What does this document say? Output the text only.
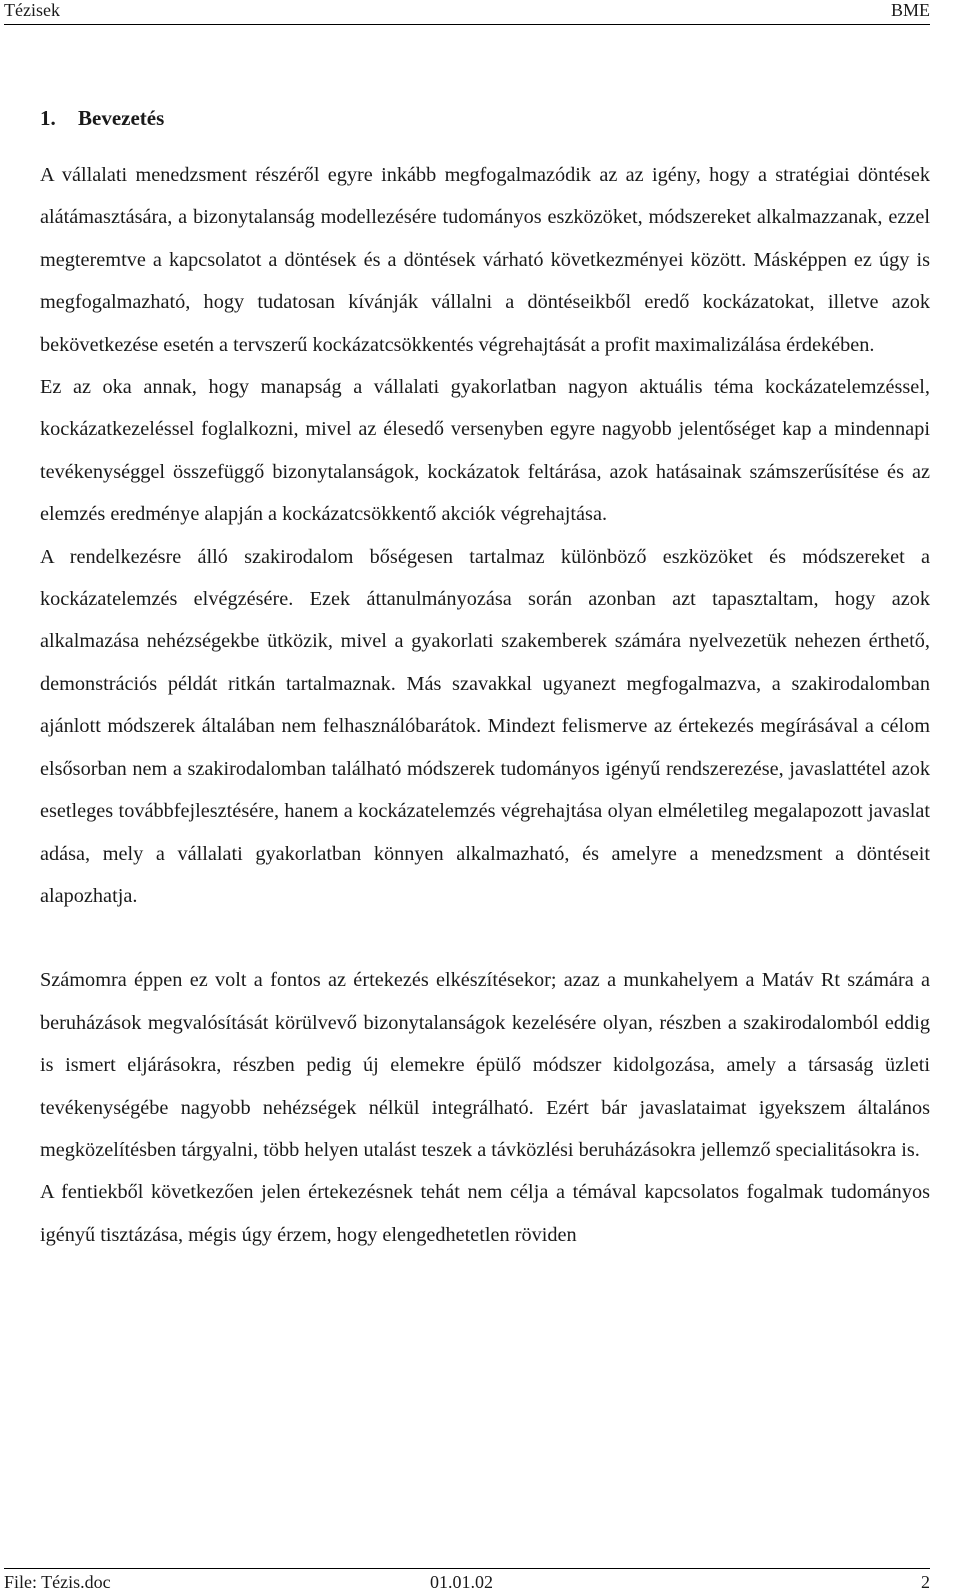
Tézisek	BME
1. Bevezetés

A vállalati menedzsment részéről egyre inkább megfogalmazódik az az igény, hogy a stratégiai döntések alátámasztására, a bizonytalanság modellezésére tudományos eszközöket, módszereket alkalmazzanak, ezzel megteremtve a kapcsolatot a döntések és a döntések várható következményei között. Másképpen ez úgy is megfogalmazható, hogy tudatosan kívánják vállalni a döntéseikből eredő kockázatokat, illetve azok bekövetkezése esetén a tervszerű kockázatcsökkentés végrehajtását a profit maximalizálása érdekében.

Ez az oka annak, hogy manapság a vállalati gyakorlatban nagyon aktuális téma kockázatelemzéssel, kockázatkezeléssel foglalkozni, mivel az élesedő versenyben egyre nagyobb jelentőséget kap a mindennapi tevékenységgel összefüggő bizonytalanságok, kockázatok feltárása, azok hatásainak számszerűsítése és az elemzés eredménye alapján a kockázatcsökkentő akciók végrehajtása.

A rendelkezésre álló szakirodalom bőségesen tartalmaz különböző eszközöket és módszereket a kockázatelemzés elvégzésére. Ezek áttanulmányozása során azonban azt tapasztaltam, hogy azok alkalmazása nehézségekbe ütközik, mivel a gyakorlati szakemberek számára nyelvezetük nehezen érthető, demonstrációs példát ritkán tartalmaznak. Más szavakkal ugyanezt megfogalmazva, a szakirodalomban ajánlott módszerek általában nem felhasználóbarátok. Mindezt felismerve az értekezés megírásával a célom elsősorban nem a szakirodalomban található módszerek tudományos igényű rendszerezése, javaslattétel azok esetleges továbbfejlesztésére, hanem a kockázatelemzés végrehajtása olyan elméletileg megalapozott javaslat adása, mely a vállalati gyakorlatban könnyen alkalmazható, és amelyre a menedzsment a döntéseit alapozhatja.

Számomra éppen ez volt a fontos az értekezés elkészítésekor; azaz a munkahelyem a Matáv Rt számára a beruházások megvalósítását körülvevő bizonytalanságok kezelésére olyan, részben a szakirodalomból eddig is ismert eljárásokra, részben pedig új elemekre épülő módszer kidolgozása, amely a társaság üzleti tevékenységébe nagyobb nehézségek nélkül integrálható. Ezért bár javaslataimat igyekszem általános megközelítésben tárgyalni, több helyen utalást teszek a távközlési beruházásokra jellemző specialitásokra is.

A fentiekből következően jelen értekezésnek tehát nem célja a témával kapcsolatos fogalmak tudományos igényű tisztázása, mégis úgy érzem, hogy elengedhetetlen röviden

File: Tézis.doc	01.01.02	2
